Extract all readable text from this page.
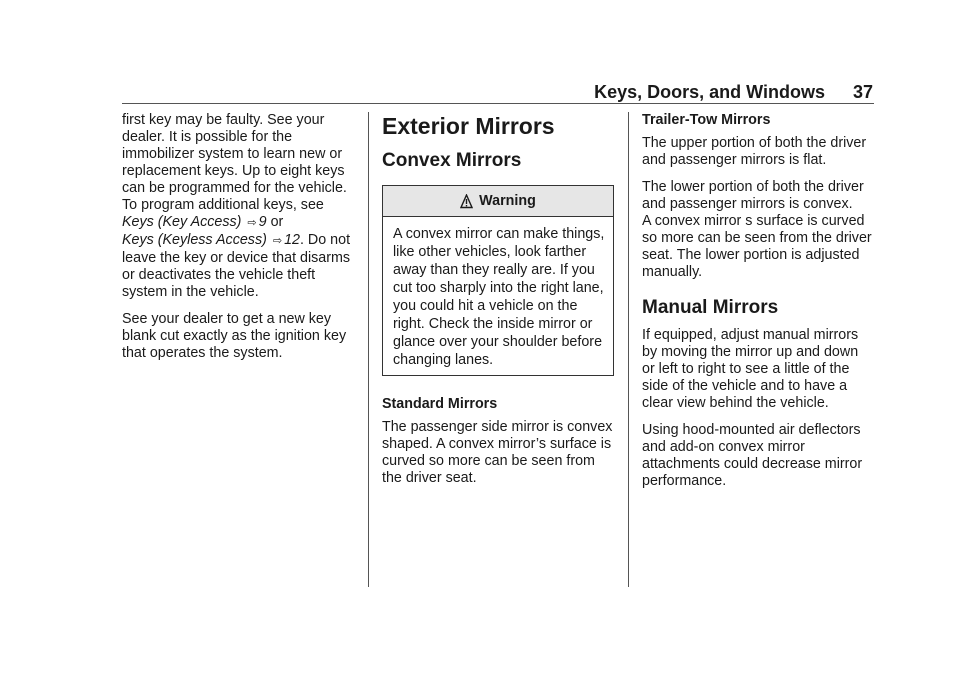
Keys, Doors, and Windows 37

first key may be faulty. See your
dealer. It is possible for the
immobilizer system to learn new or
replacement keys. Up to eight keys
can be programmed for the vehicle.
To program additional keys, see
Keys (Key Access) ⇨ 9 or
Keys (Keyless Access) ⇨ 12. Do not
leave the key or device that disarms
or deactivates the vehicle theft
system in the vehicle.

See your dealer to get a new key
blank cut exactly as the ignition key
that operates the system.

Exterior Mirrors
Convex Mirrors
Warning
A convex mirror can make things,
like other vehicles, look farther
away than they really are. If you
cut too sharply into the right lane,
you could hit a vehicle on the
right. Check the inside mirror or
glance over your shoulder before
changing lanes.
Standard Mirrors

The passenger side mirror is convex
shaped. A convex mirror’s surface is
curved so more can be seen from
the driver seat.

Trailer-Tow Mirrors

The upper portion of both the driver
and passenger mirrors is flat.

The lower portion of both the driver
and passenger mirrors is convex.
A convex mirror s surface is curved
so more can be seen from the driver
seat. The lower portion is adjusted
manually.

Manual Mirrors

If equipped, adjust manual mirrors
by moving the mirror up and down
or left to right to see a little of the
side of the vehicle and to have a
clear view behind the vehicle.

Using hood-mounted air deflectors
and add-on convex mirror
attachments could decrease mirror
performance.
